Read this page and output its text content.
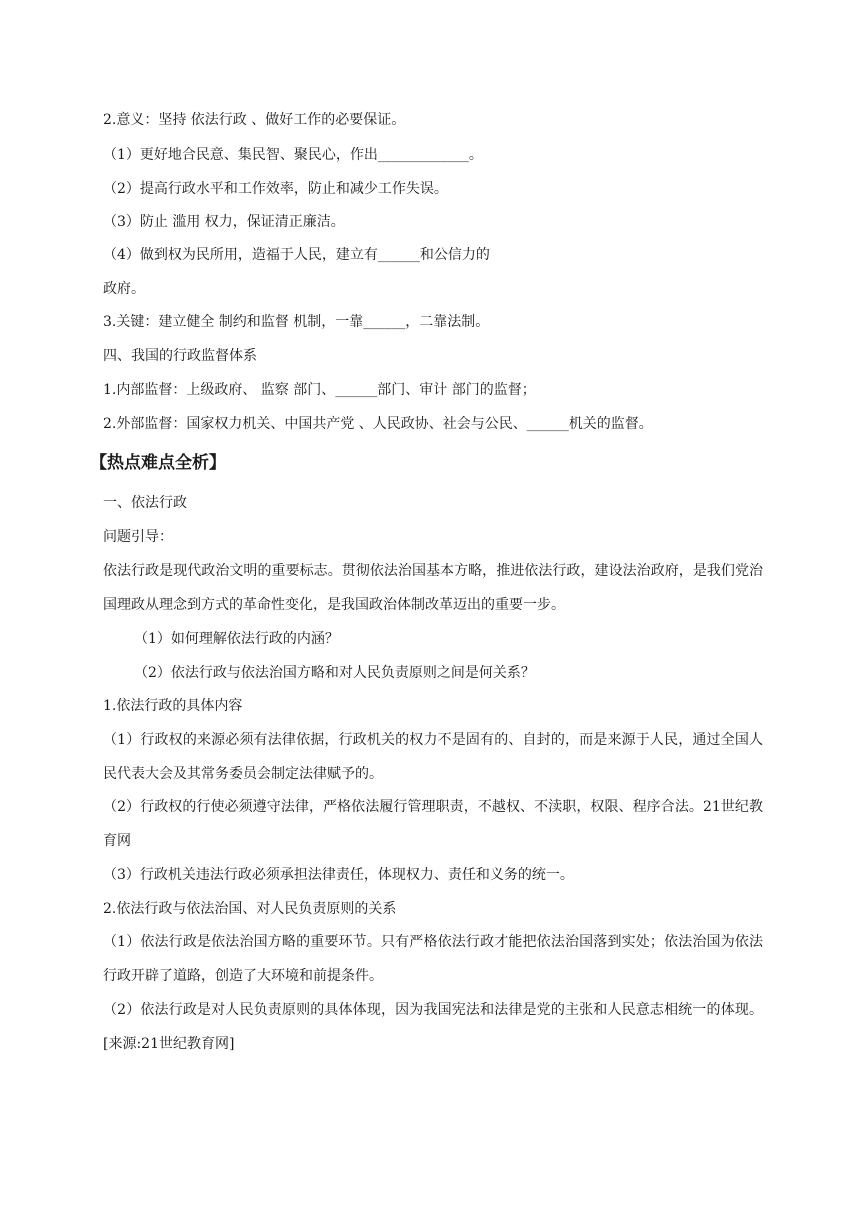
2.意义：坚持 依法行政 、做好工作的必要保证。
（1）更好地合民意、集民智、聚民心，作出_____________。
（2）提高行政水平和工作效率，防止和减少工作失误。
（3）防止 滥用 权力，保证清正廉洁。
（4）做到权为民所用，造福于人民，建立有______和公信力的
政府。
3.关键：建立健全 制约和监督 机制，一靠______，二靠法制。
四、我国的行政监督体系
1.内部监督：上级政府、 监察 部门、______部门、审计 部门的监督；
2.外部监督：国家权力机关、中国共产党 、人民政协、社会与公民、______机关的监督。
【热点难点全析】
一、依法行政
问题引导：
依法行政是现代政治文明的重要标志。贯彻依法治国基本方略，推进依法行政，建设法治政府，是我们党治国理政从理念到方式的革命性变化，是我国政治体制改革迈出的重要一步。
（1）如何理解依法行政的内涵？
（2）依法行政与依法治国方略和对人民负责原则之间是何关系？
1.依法行政的具体内容
（1）行政权的来源必须有法律依据，行政机关的权力不是固有的、自封的，而是来源于人民，通过全国人民代表大会及其常务委员会制定法律赋予的。
（2）行政权的行使必须遵守法律，严格依法履行管理职责，不越权、不渎职，权限、程序合法。21世纪教育网
（3）行政机关违法行政必须承担法律责任，体现权力、责任和义务的统一。
2.依法行政与依法治国、对人民负责原则的关系
（1）依法行政是依法治国方略的重要环节。只有严格依法行政才能把依法治国落到实处；依法治国为依法行政开辟了道路，创造了大环境和前提条件。
（2）依法行政是对人民负责原则的具体体现，因为我国宪法和法律是党的主张和人民意志相统一的体现。[来源:21世纪教育网]
